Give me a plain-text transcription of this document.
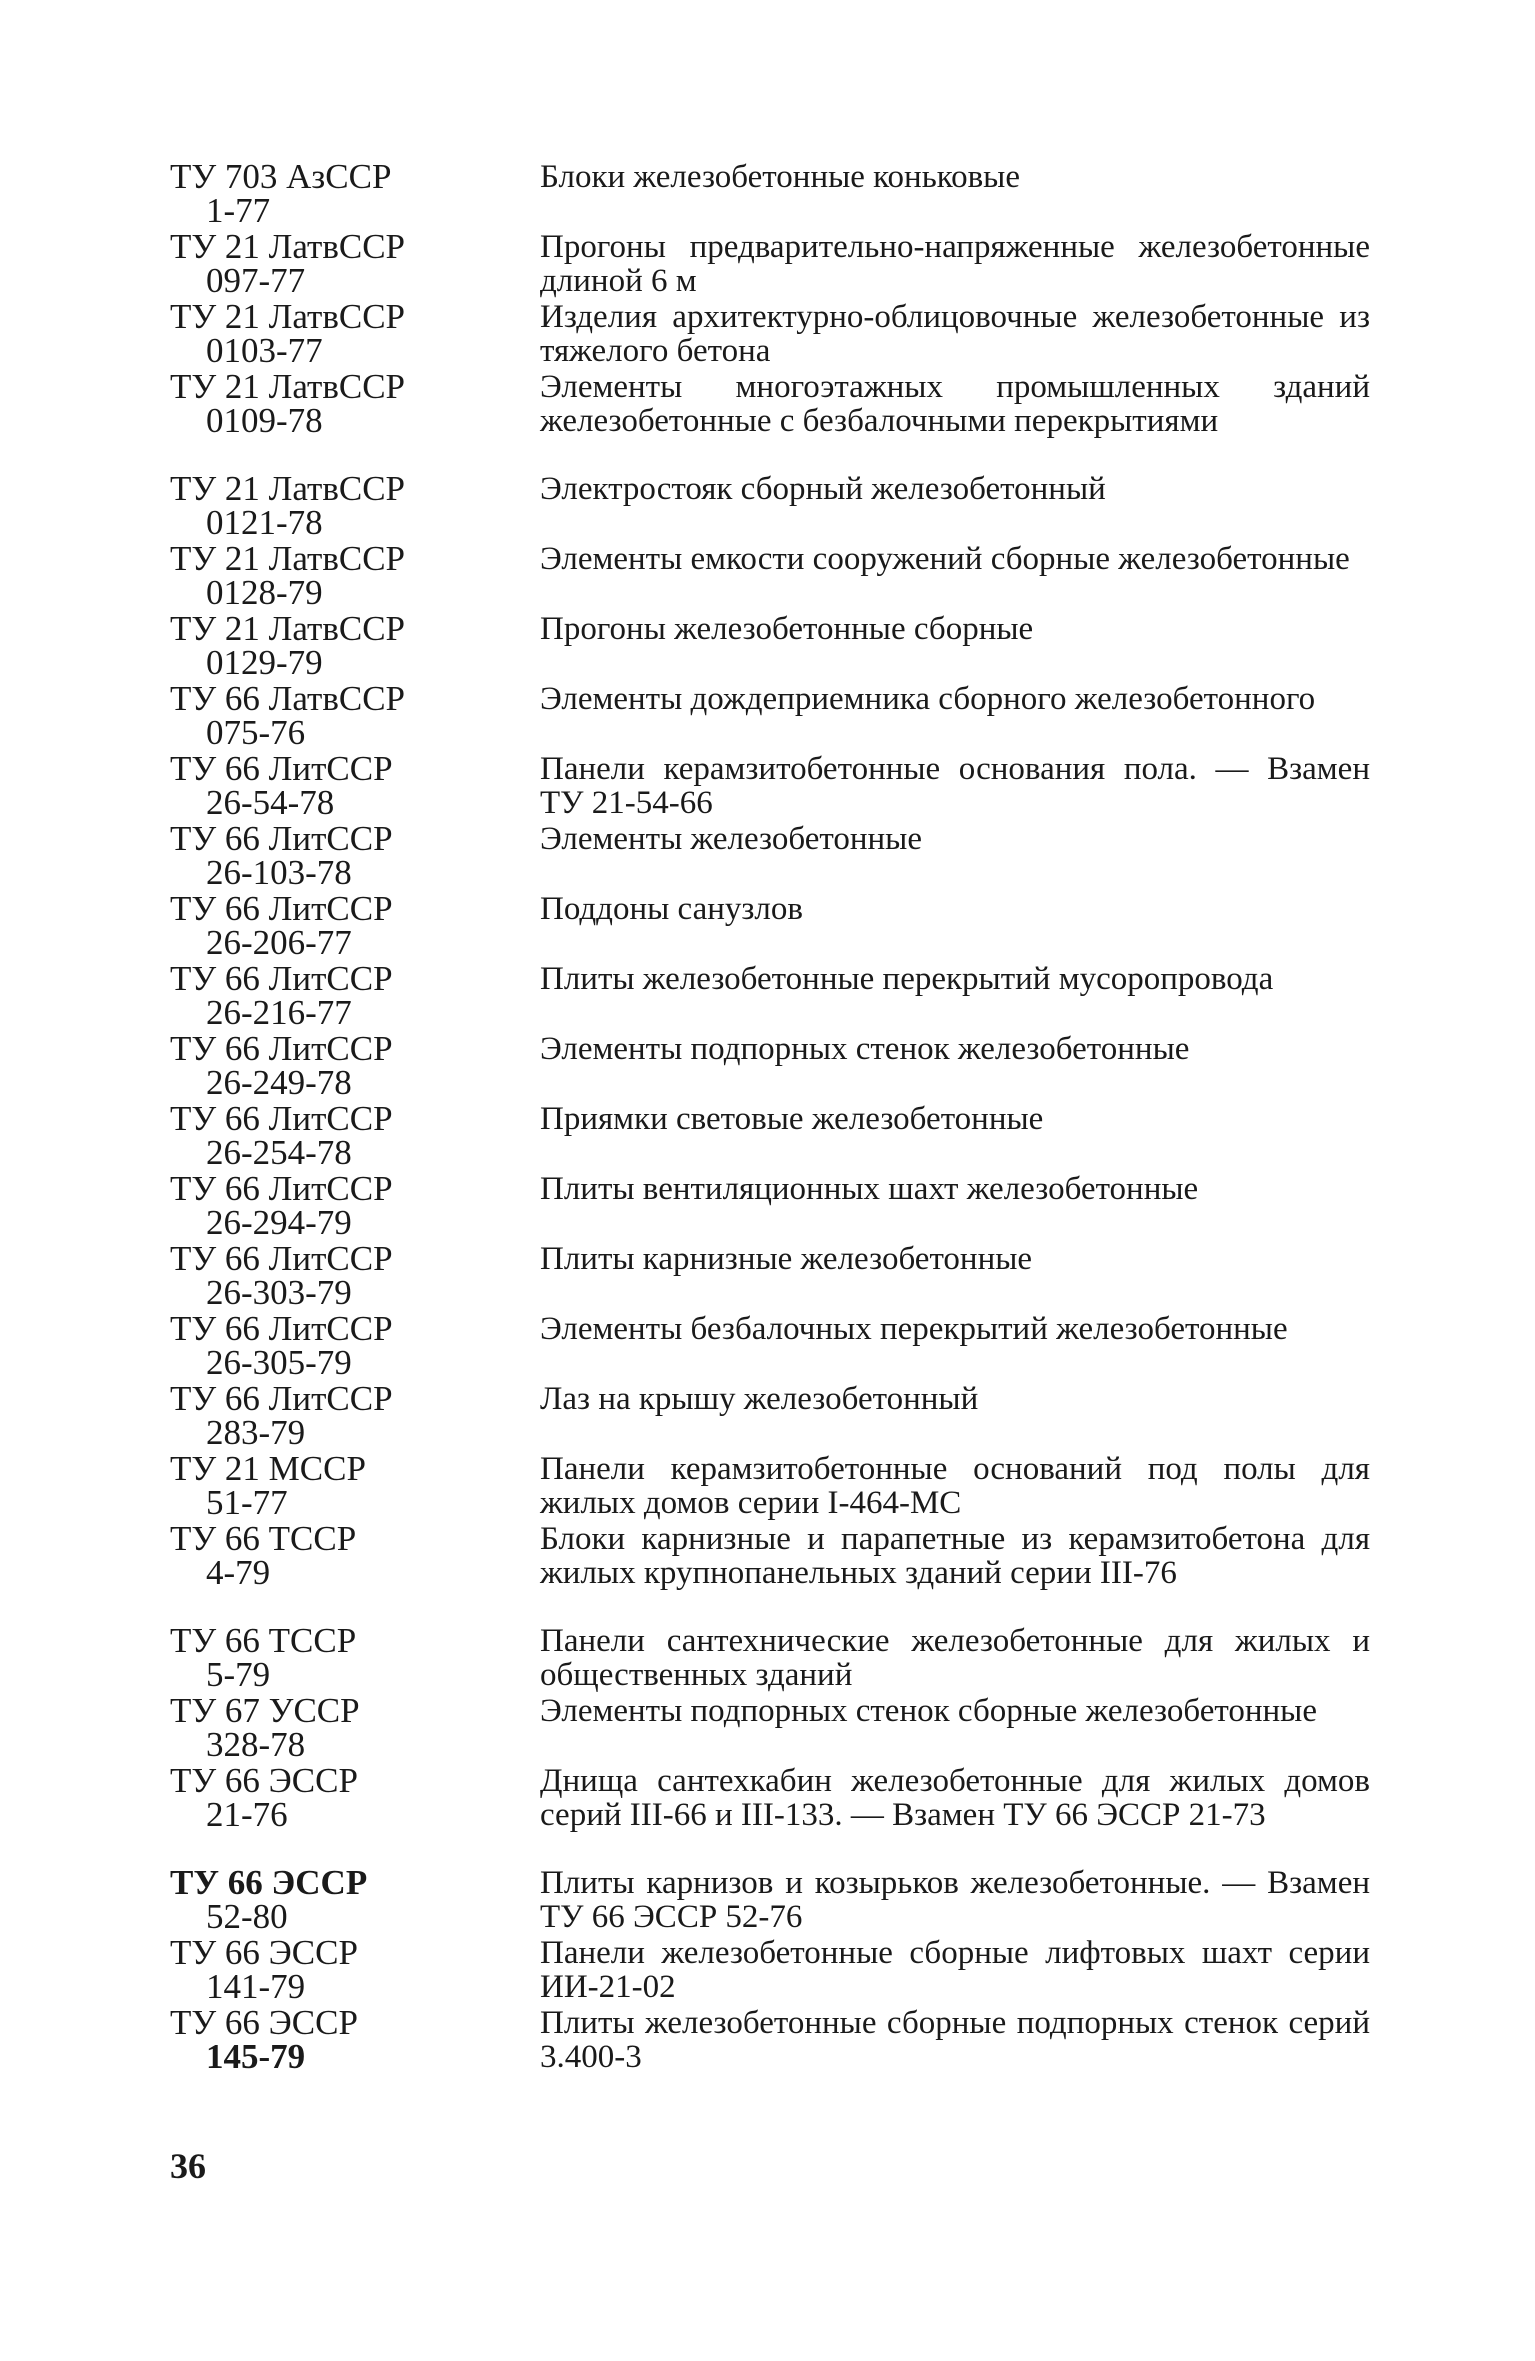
ТУ 703 АзССР
1-77
Блоки железобетонные коньковые
ТУ 21 ЛатвССР
097-77
Прогоны предварительно-напряженные железобетонные длиной 6 м
ТУ 21 ЛатвССР
0103-77
Изделия архитектурно-облицовочные железобетонные из тяжелого бетона
ТУ 21 ЛатвССР
0109-78
Элементы многоэтажных промышленных зданий железобетонные с безбалочными перекрытиями
ТУ 21 ЛатвССР
0121-78
Электростояк сборный железобетонный
ТУ 21 ЛатвССР
0128-79
Элементы емкости сооружений сборные железобетонные
ТУ 21 ЛатвССР
0129-79
Прогоны железобетонные сборные
ТУ 66 ЛатвССР
075-76
Элементы дождеприемника сборного железобетонного
ТУ 66 ЛитССР
26-54-78
Панели керамзитобетонные основания пола. — Взамен ТУ 21-54-66
ТУ 66 ЛитССР
26-103-78
Элементы железобетонные
ТУ 66 ЛитССР
26-206-77
Поддоны санузлов
ТУ 66 ЛитССР
26-216-77
Плиты железобетонные перекрытий мусоропровода
ТУ 66 ЛитССР
26-249-78
Элементы подпорных стенок железобетонные
ТУ 66 ЛитССР
26-254-78
Приямки световые железобетонные
ТУ 66 ЛитССР
26-294-79
Плиты вентиляционных шахт железобетонные
ТУ 66 ЛитССР
26-303-79
Плиты карнизные железобетонные
ТУ 66 ЛитССР
26-305-79
Элементы безбалочных перекрытий железобетонные
ТУ 66 ЛитССР
283-79
Лаз на крышу железобетонный
ТУ 21 МССР
51-77
Панели керамзитобетонные оснований под полы для жилых домов серии I-464-МС
ТУ 66 ТССР
4-79
Блоки карнизные и парапетные из керамзитобетона для жилых крупнопанельных зданий серии III-76
ТУ 66 ТССР
5-79
Панели сантехнические железобетонные для жилых и общественных зданий
ТУ 67 УССР
328-78
Элементы подпорных стенок сборные железобетонные
ТУ 66 ЭССР
21-76
Днища сантехкабин железобетонные для жилых домов серий III-66 и III-133. — Взамен ТУ 66 ЭССР 21-73
ТУ 66 ЭССР
52-80
Плиты карнизов и козырьков железобетонные. — Взамен ТУ 66 ЭССР 52-76
ТУ 66 ЭССР
141-79
Панели железобетонные сборные лифтовых шахт серии ИИ-21-02
ТУ 66 ЭССР
145-79
Плиты железобетонные сборные подпорных стенок серий 3.400-3
36
